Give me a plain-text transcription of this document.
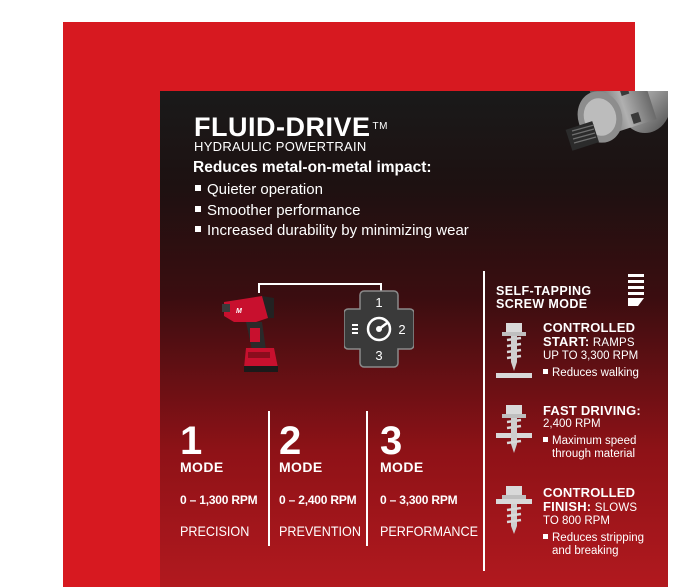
FLUID-DRIVE ™
HYDRAULIC POWERTRAIN
Reduces metal-on-metal impact:
Quieter operation
Smoother performance
Increased durability by minimizing wear
M
1
2
3
1
MODE
0 – 1,300 RPM
PRECISION
2
MODE
0 – 2,400 RPM
PREVENTION
3
MODE
0 – 3,300 RPM
PERFORMANCE
SELF-TAPPING
SCREW MODE
CONTROLLED
START: RAMPS
UP TO 3,300 RPM
Reduces walking
FAST DRIVING:
2,400 RPM
Maximum speed
through material
CONTROLLED
FINISH: SLOWS
TO 800 RPM
Reduces stripping
and breaking
